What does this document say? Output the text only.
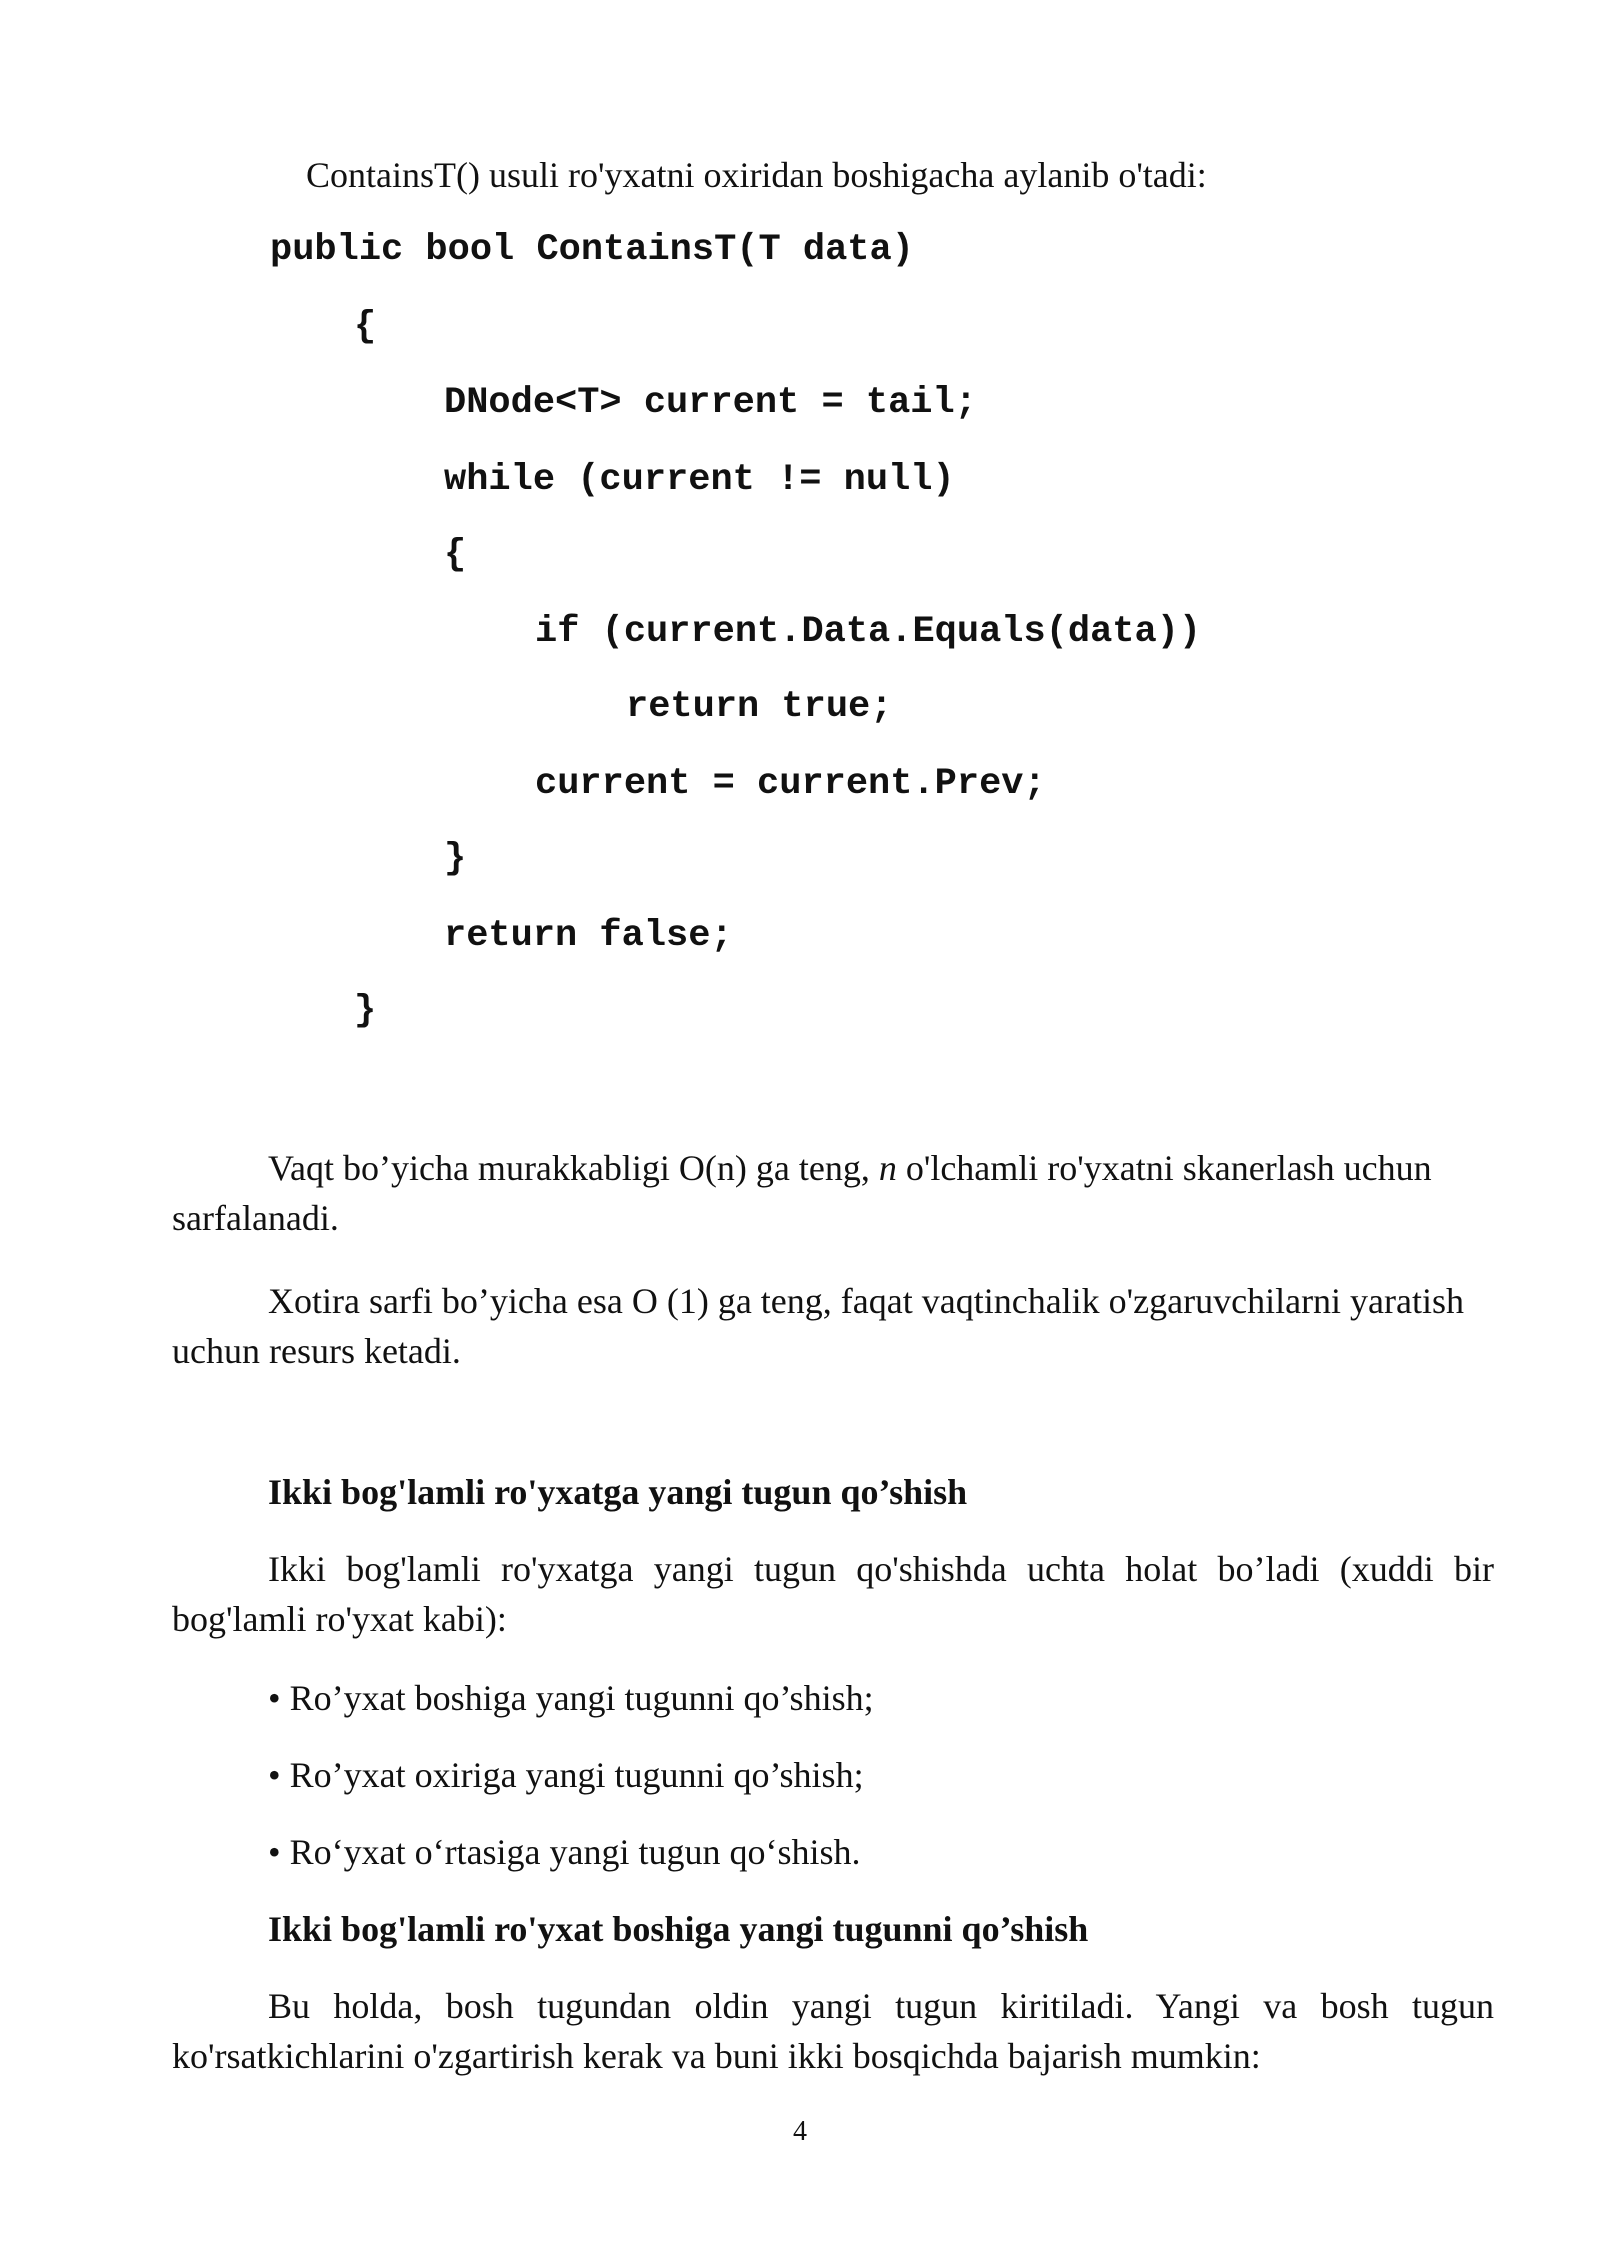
ContainsT() usuli ro'yxatni oxiridan boshigacha aylanib o'tadi:
public bool ContainsT(T data)
{
DNode<T> current = tail;
while (current != null)
{
if (current.Data.Equals(data))
return true;
current = current.Prev;
}
return false;
}
Vaqt bo’yicha murakkabligi O(n) ga teng, n o'lchamli ro'yxatni skanerlash uchun sarfalanadi.
Xotira sarfi bo’yicha esa O (1) ga teng, faqat vaqtinchalik o'zgaruvchilarni yaratish uchun resurs ketadi.
Ikki bog'lamli ro'yxatga yangi tugun qo’shish
Ikki bog'lamli ro'yxatga yangi tugun qo'shishda uchta holat bo’ladi (xuddi bir bog'lamli ro'yxat kabi):
• Ro’yxat boshiga yangi tugunni qo’shish;
• Ro’yxat oxiriga yangi tugunni qo’shish;
• Ro‘yxat o‘rtasiga yangi tugun qo‘shish.
Ikki bog'lamli ro'yxat boshiga yangi tugunni qo’shish
Bu holda, bosh tugundan oldin yangi tugun kiritiladi. Yangi va bosh tugun ko'rsatkichlarini o'zgartirish kerak va buni ikki bosqichda bajarish mumkin:
4
